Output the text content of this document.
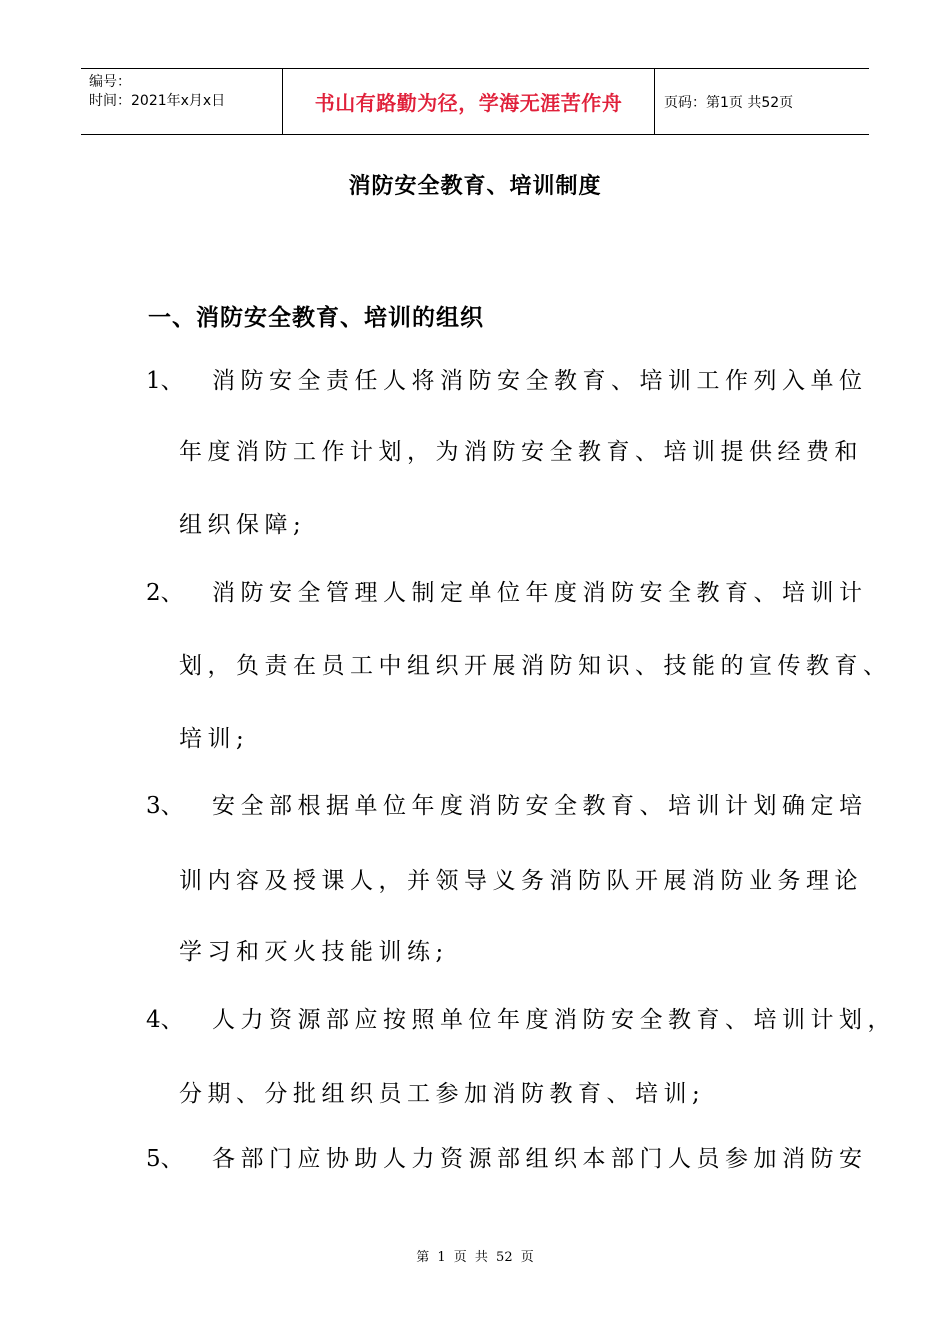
编号：
时间：2021年x月x日	书山有路勤为径，学海无涯苦作舟	页码：第1页 共52页
消防安全教育、培训制度
一、消防安全教育、培训的组织
1、 消防安全责任人将消防安全教育、培训工作列入单位
年度消防工作计划，为消防安全教育、培训提供经费和
组织保障;
2、 消防安全管理人制定单位年度消防安全教育、培训计
划，负责在员工中组织开展消防知识、技能的宣传教育、
培训;
3、 安全部根据单位年度消防安全教育、培训计划确定培
训内容及授课人，并领导义务消防队开展消防业务理论
学习和灭火技能训练;
4、 人力资源部应按照单位年度消防安全教育、培训计划，
分期、分批组织员工参加消防教育、培训;
5、 各部门应协助人力资源部组织本部门人员参加消防安
第 1 页 共 52 页
